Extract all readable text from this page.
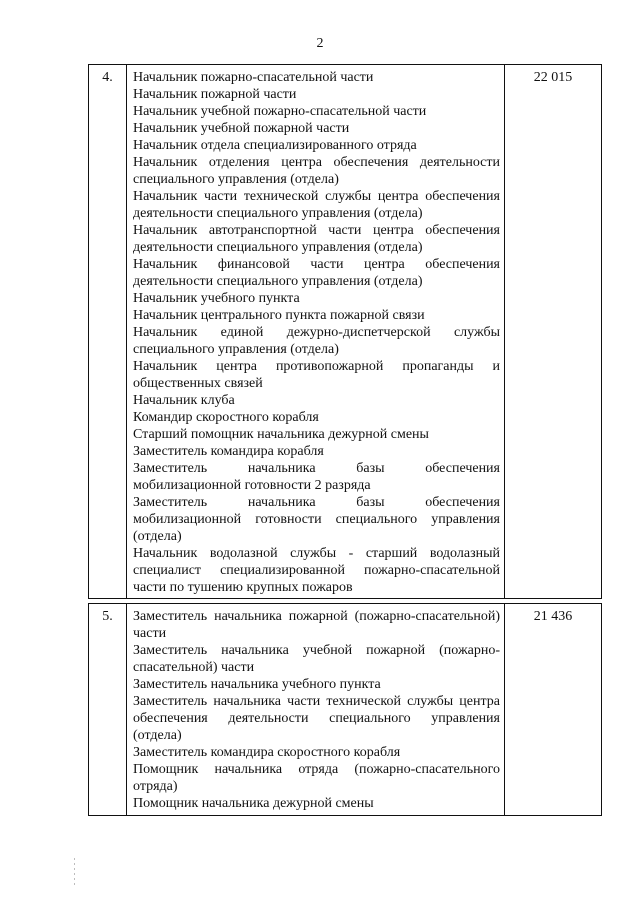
2
4.	Начальник пожарно-спасательной части

Начальник пожарной части

Начальник учебной пожарно-спасательной части

Начальник учебной пожарной части

Начальник отдела специализированного отряда

Начальник отделения центра обеспечения деятельности специального управления (отдела)

Начальник части технической службы центра обеспечения деятельности специального управления (отдела)

Начальник автотранспортной части центра обеспечения деятельности специального управления (отдела)

Начальник финансовой части центра обеспечения деятельности специального управления (отдела)

Начальник учебного пункта

Начальник центрального пункта пожарной связи

Начальник единой дежурно-диспетчерской службы специального управления (отдела)

Начальник центра противопожарной пропаганды и общественных связей

Начальник клуба

Командир скоростного корабля

Старший помощник начальника дежурной смены

Заместитель командира корабля

Заместитель начальника базы обеспечения мобилизационной готовности 2 разряда

Заместитель начальника базы обеспечения мобилизационной готовности специального управления (отдела)

Начальник водолазной службы - старший водолазный специалист специализированной пожарно-спасательной части по тушению крупных пожаров

22 015
5.	Заместитель начальника пожарной (пожарно-спасательной) части

Заместитель начальника учебной пожарной (пожарно-спасательной) части

Заместитель начальника учебного пункта

Заместитель начальника части технической службы центра обеспечения деятельности специального управления (отдела)

Заместитель командира скоростного корабля

Помощник начальника отряда (пожарно-спасательного отряда)

Помощник начальника дежурной смены

21 436
